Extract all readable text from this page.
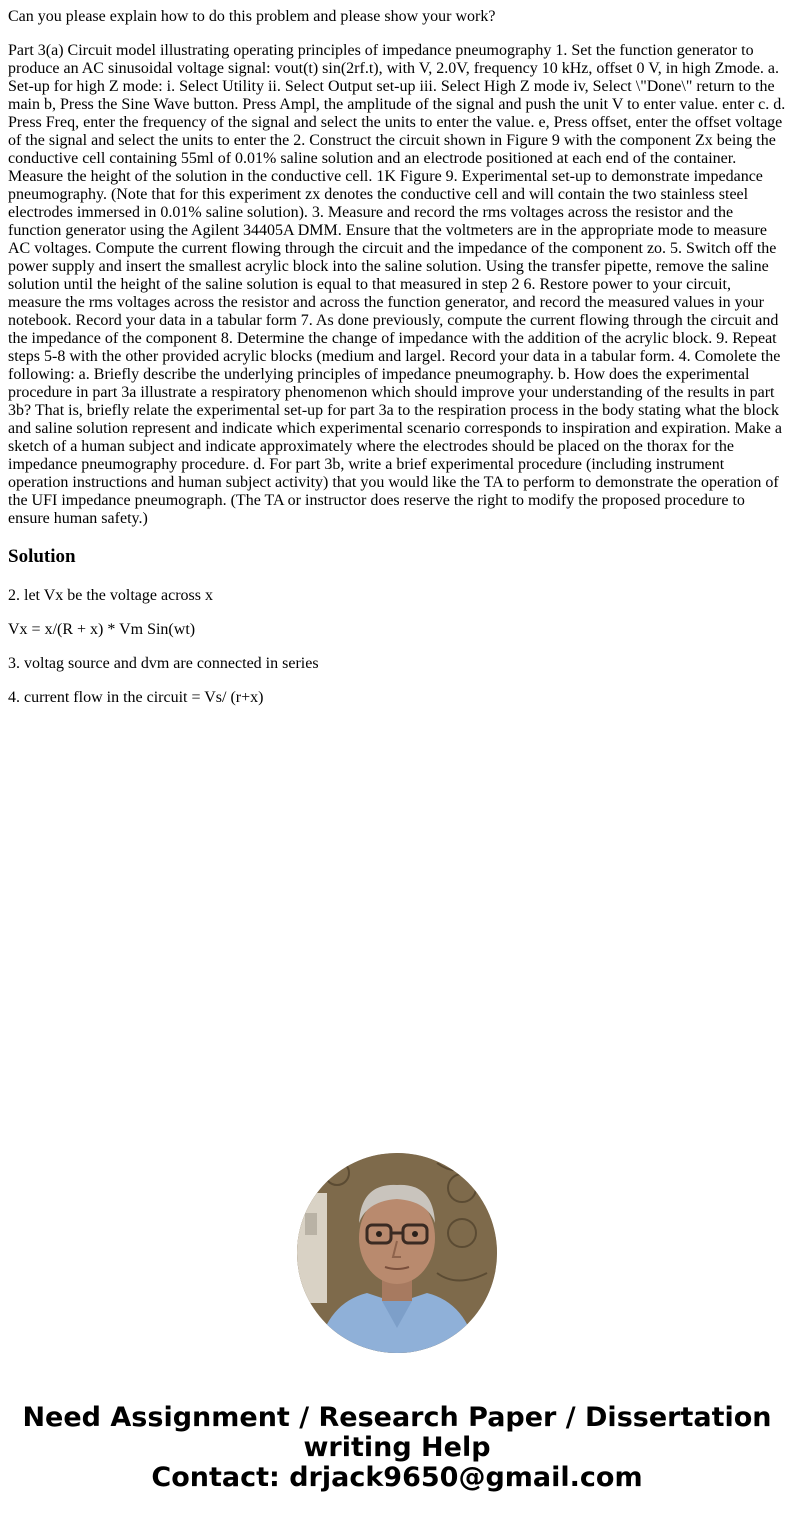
Can you please explain how to do this problem and please show your work?

Part 3(a) Circuit model illustrating operating principles of impedance pneumography 1. Set the function generator to produce an AC sinusoidal voltage signal: vout(t) sin(2rf.t), with V, 2.0V, frequency 10 kHz, offset 0 V, in high Zmode. a. Set-up for high Z mode: i. Select Utility ii. Select Output set-up iii. Select High Z mode iv, Select \"Done\" return to the main b, Press the Sine Wave button. Press Ampl, the amplitude of the signal and push the unit V to enter value. enter c. d. Press Freq, enter the frequency of the signal and select the units to enter the value. e, Press offset, enter the offset voltage of the signal and select the units to enter the 2. Construct the circuit shown in Figure 9 with the component Zx being the conductive cell containing 55ml of 0.01% saline solution and an electrode positioned at each end of the container. Measure the height of the solution in the conductive cell. 1K Figure 9. Experimental set-up to demonstrate impedance pneumography. (Note that for this experiment zx denotes the conductive cell and will contain the two stainless steel electrodes immersed in 0.01% saline solution). 3. Measure and record the rms voltages across the resistor and the function generator using the Agilent 34405A DMM. Ensure that the voltmeters are in the appropriate mode to measure AC voltages. Compute the current flowing through the circuit and the impedance of the component zo. 5. Switch off the power supply and insert the smallest acrylic block into the saline solution. Using the transfer pipette, remove the saline solution until the height of the saline solution is equal to that measured in step 2 6. Restore power to your circuit, measure the rms voltages across the resistor and across the function generator, and record the measured values in your notebook. Record your data in a tabular form 7. As done previously, compute the current flowing through the circuit and the impedance of the component 8. Determine the change of impedance with the addition of the acrylic block. 9. Repeat steps 5-8 with the other provided acrylic blocks (medium and largel. Record your data in a tabular form. 4. Comolete the following: a. Briefly describe the underlying principles of impedance pneumography. b. How does the experimental procedure in part 3a illustrate a respiratory phenomenon which should improve your understanding of the results in part 3b? That is, briefly relate the experimental set-up for part 3a to the respiration process in the body stating what the block and saline solution represent and indicate which experimental scenario corresponds to inspiration and expiration. Make a sketch of a human subject and indicate approximately where the electrodes should be placed on the thorax for the impedance pneumography procedure. d. For part 3b, write a brief experimental procedure (including instrument operation instructions and human subject activity) that you would like the TA to perform to demonstrate the operation of the UFI impedance pneumograph. (The TA or instructor does reserve the right to modify the proposed procedure to ensure human safety.)

Solution

2. let Vx be the voltage across x

Vx = x/(R + x) * Vm Sin(wt)

3. voltag source and dvm are connected in series

4. current flow in the circuit = Vs/ (r+x)

Need Assignment / Research Paper / Dissertation
writing Help
Contact: drjack9650@gmail.com
